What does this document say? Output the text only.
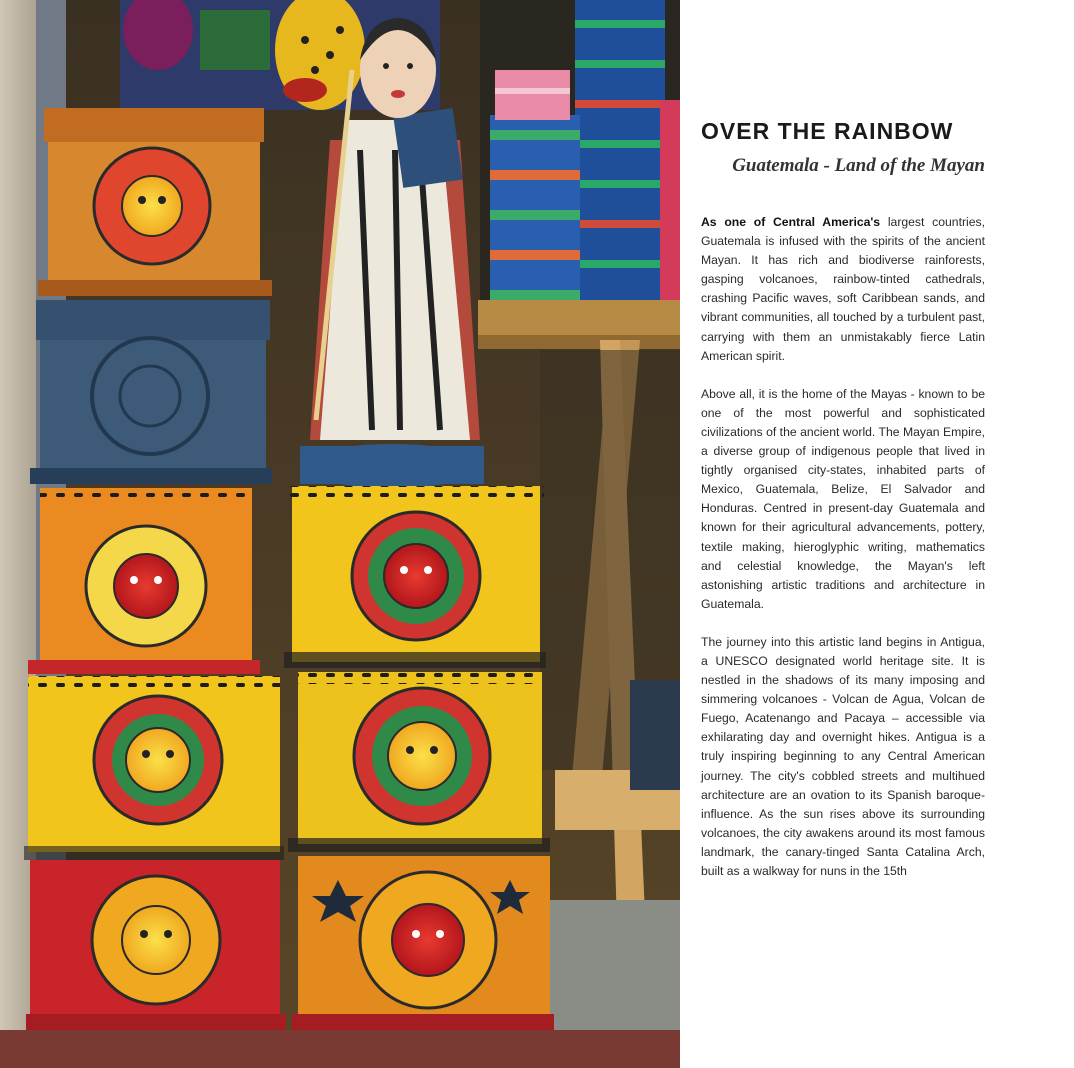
OVER THE RAINBOW
Guatemala - Land of the Mayan

As one of Central America's largest countries, Guatemala is infused with the spirits of the ancient Mayan. It has rich and biodiverse rainforests, gasping volcanoes, rainbow-tinted cathedrals, crashing Pacific waves, soft Caribbean sands, and vibrant communities, all touched by a turbulent past, carrying with them an unmistakably fierce Latin American spirit.

Above all, it is the home of the Mayas - known to be one of the most powerful and sophisticated civilizations of the ancient world. The Mayan Empire, a diverse group of indigenous people that lived in tightly organised city-states, inhabited parts of Mexico, Guatemala, Belize, El Salvador and Honduras. Centred in present-day Guatemala and known for their agricultural advancements, pottery, textile making, hieroglyphic writing, mathematics and celestial knowledge, the Mayan's left astonishing artistic traditions and architecture in Guatemala.

The journey into this artistic land begins in Antigua, a UNESCO designated world heritage site. It is nestled in the shadows of its many imposing and simmering volcanoes - Volcan de Agua, Volcan de Fuego, Acatenango and Pacaya – accessible via exhilarating day and overnight hikes. Antigua is a truly inspiring beginning to any Central American journey. The city's cobbled streets and multihued architecture are an ovation to its Spanish baroque-influence. As the sun rises above its surrounding volcanoes, the city awakens around its most famous landmark, the canary-tinged Santa Catalina Arch, built as a walkway for nuns in the 15th
